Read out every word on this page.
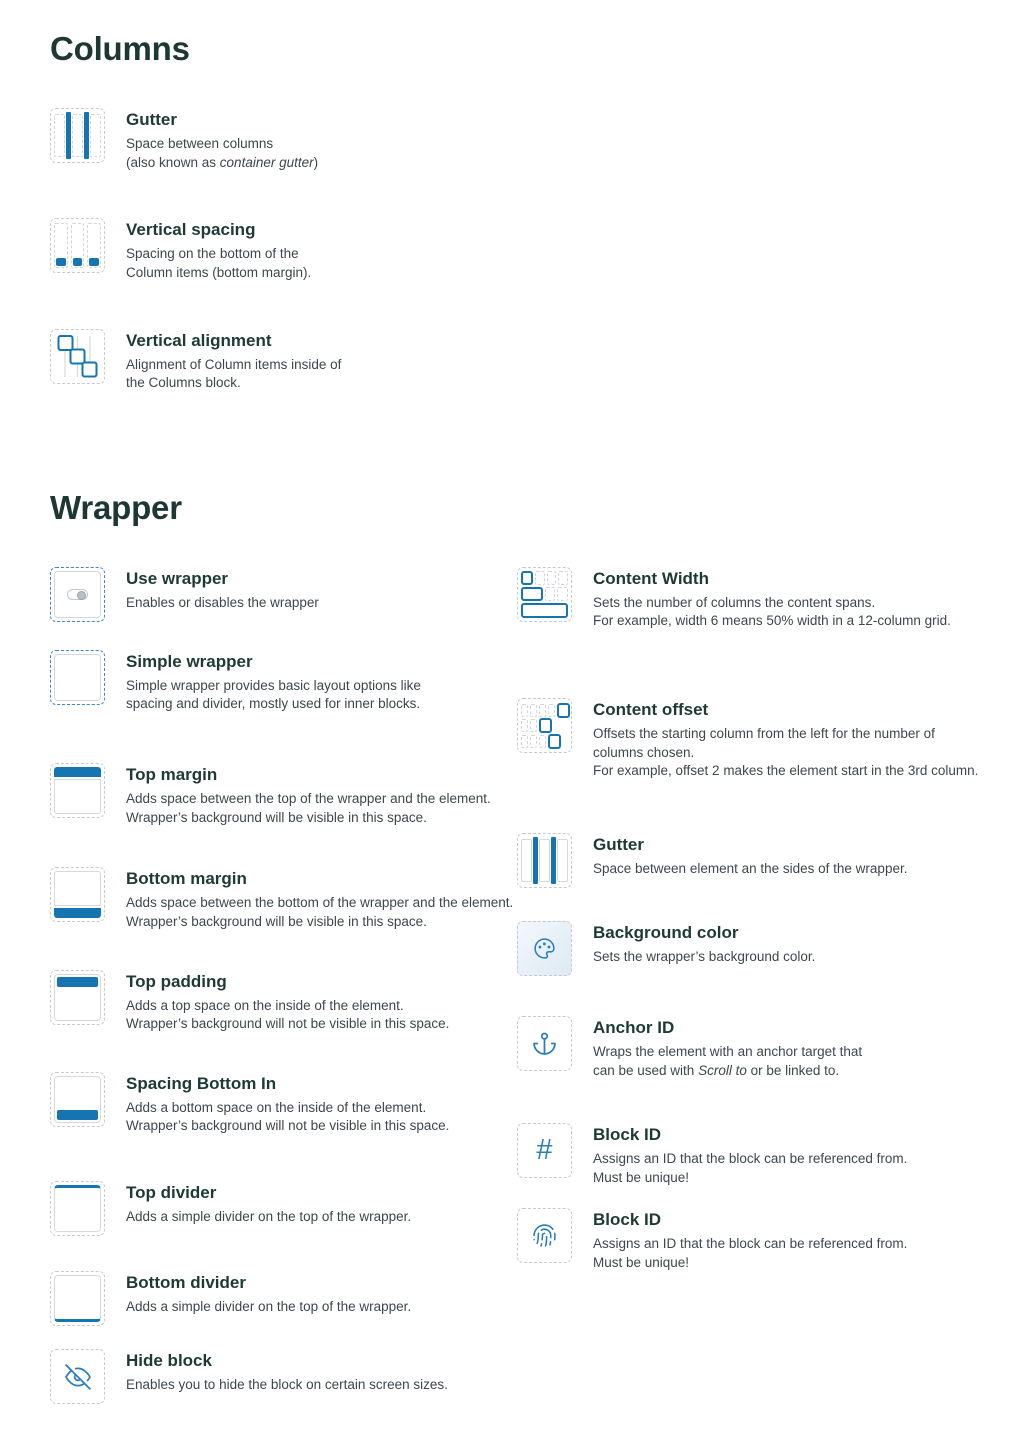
Columns
Gutter
Space between columns
(also known as container gutter)
Vertical spacing
Spacing on the bottom of the
Column items (bottom margin).
Vertical alignment
Alignment of Column items inside of
the Columns block.
Wrapper
Use wrapper
Enables or disables the wrapper
Simple wrapper
Simple wrapper provides basic layout options like
spacing and divider, mostly used for inner blocks.
Top margin
Adds space between the top of the wrapper and the element.
Wrapper’s background will be visible in this space.
Bottom margin
Adds space between the bottom of the wrapper and the element.
Wrapper’s background will be visible in this space.
Top padding
Adds a top space on the inside of the element.
Wrapper’s background will not be visible in this space.
Spacing Bottom In
Adds a bottom space on the inside of the element.
Wrapper’s background will not be visible in this space.
Top divider
Adds a simple divider on the top of the wrapper.
Bottom divider
Adds a simple divider on the top of the wrapper.
Hide block
Enables you to hide the block on certain screen sizes.
Content Width
Sets the number of columns the content spans.
For example, width 6 means 50% width in a 12-column grid.
Content offset
Offsets the starting column from the left for the number of columns chosen.
For example, offset 2 makes the element start in the 3rd column.
Gutter
Space between element an the sides of the wrapper.
Background color
Sets the wrapper’s background color.
Anchor ID
Wraps the element with an anchor target that
can be used with Scroll to or be linked to.
# Block ID
Assigns an ID that the block can be referenced from.
Must be unique!
Block ID
Assigns an ID that the block can be referenced from.
Must be unique!
